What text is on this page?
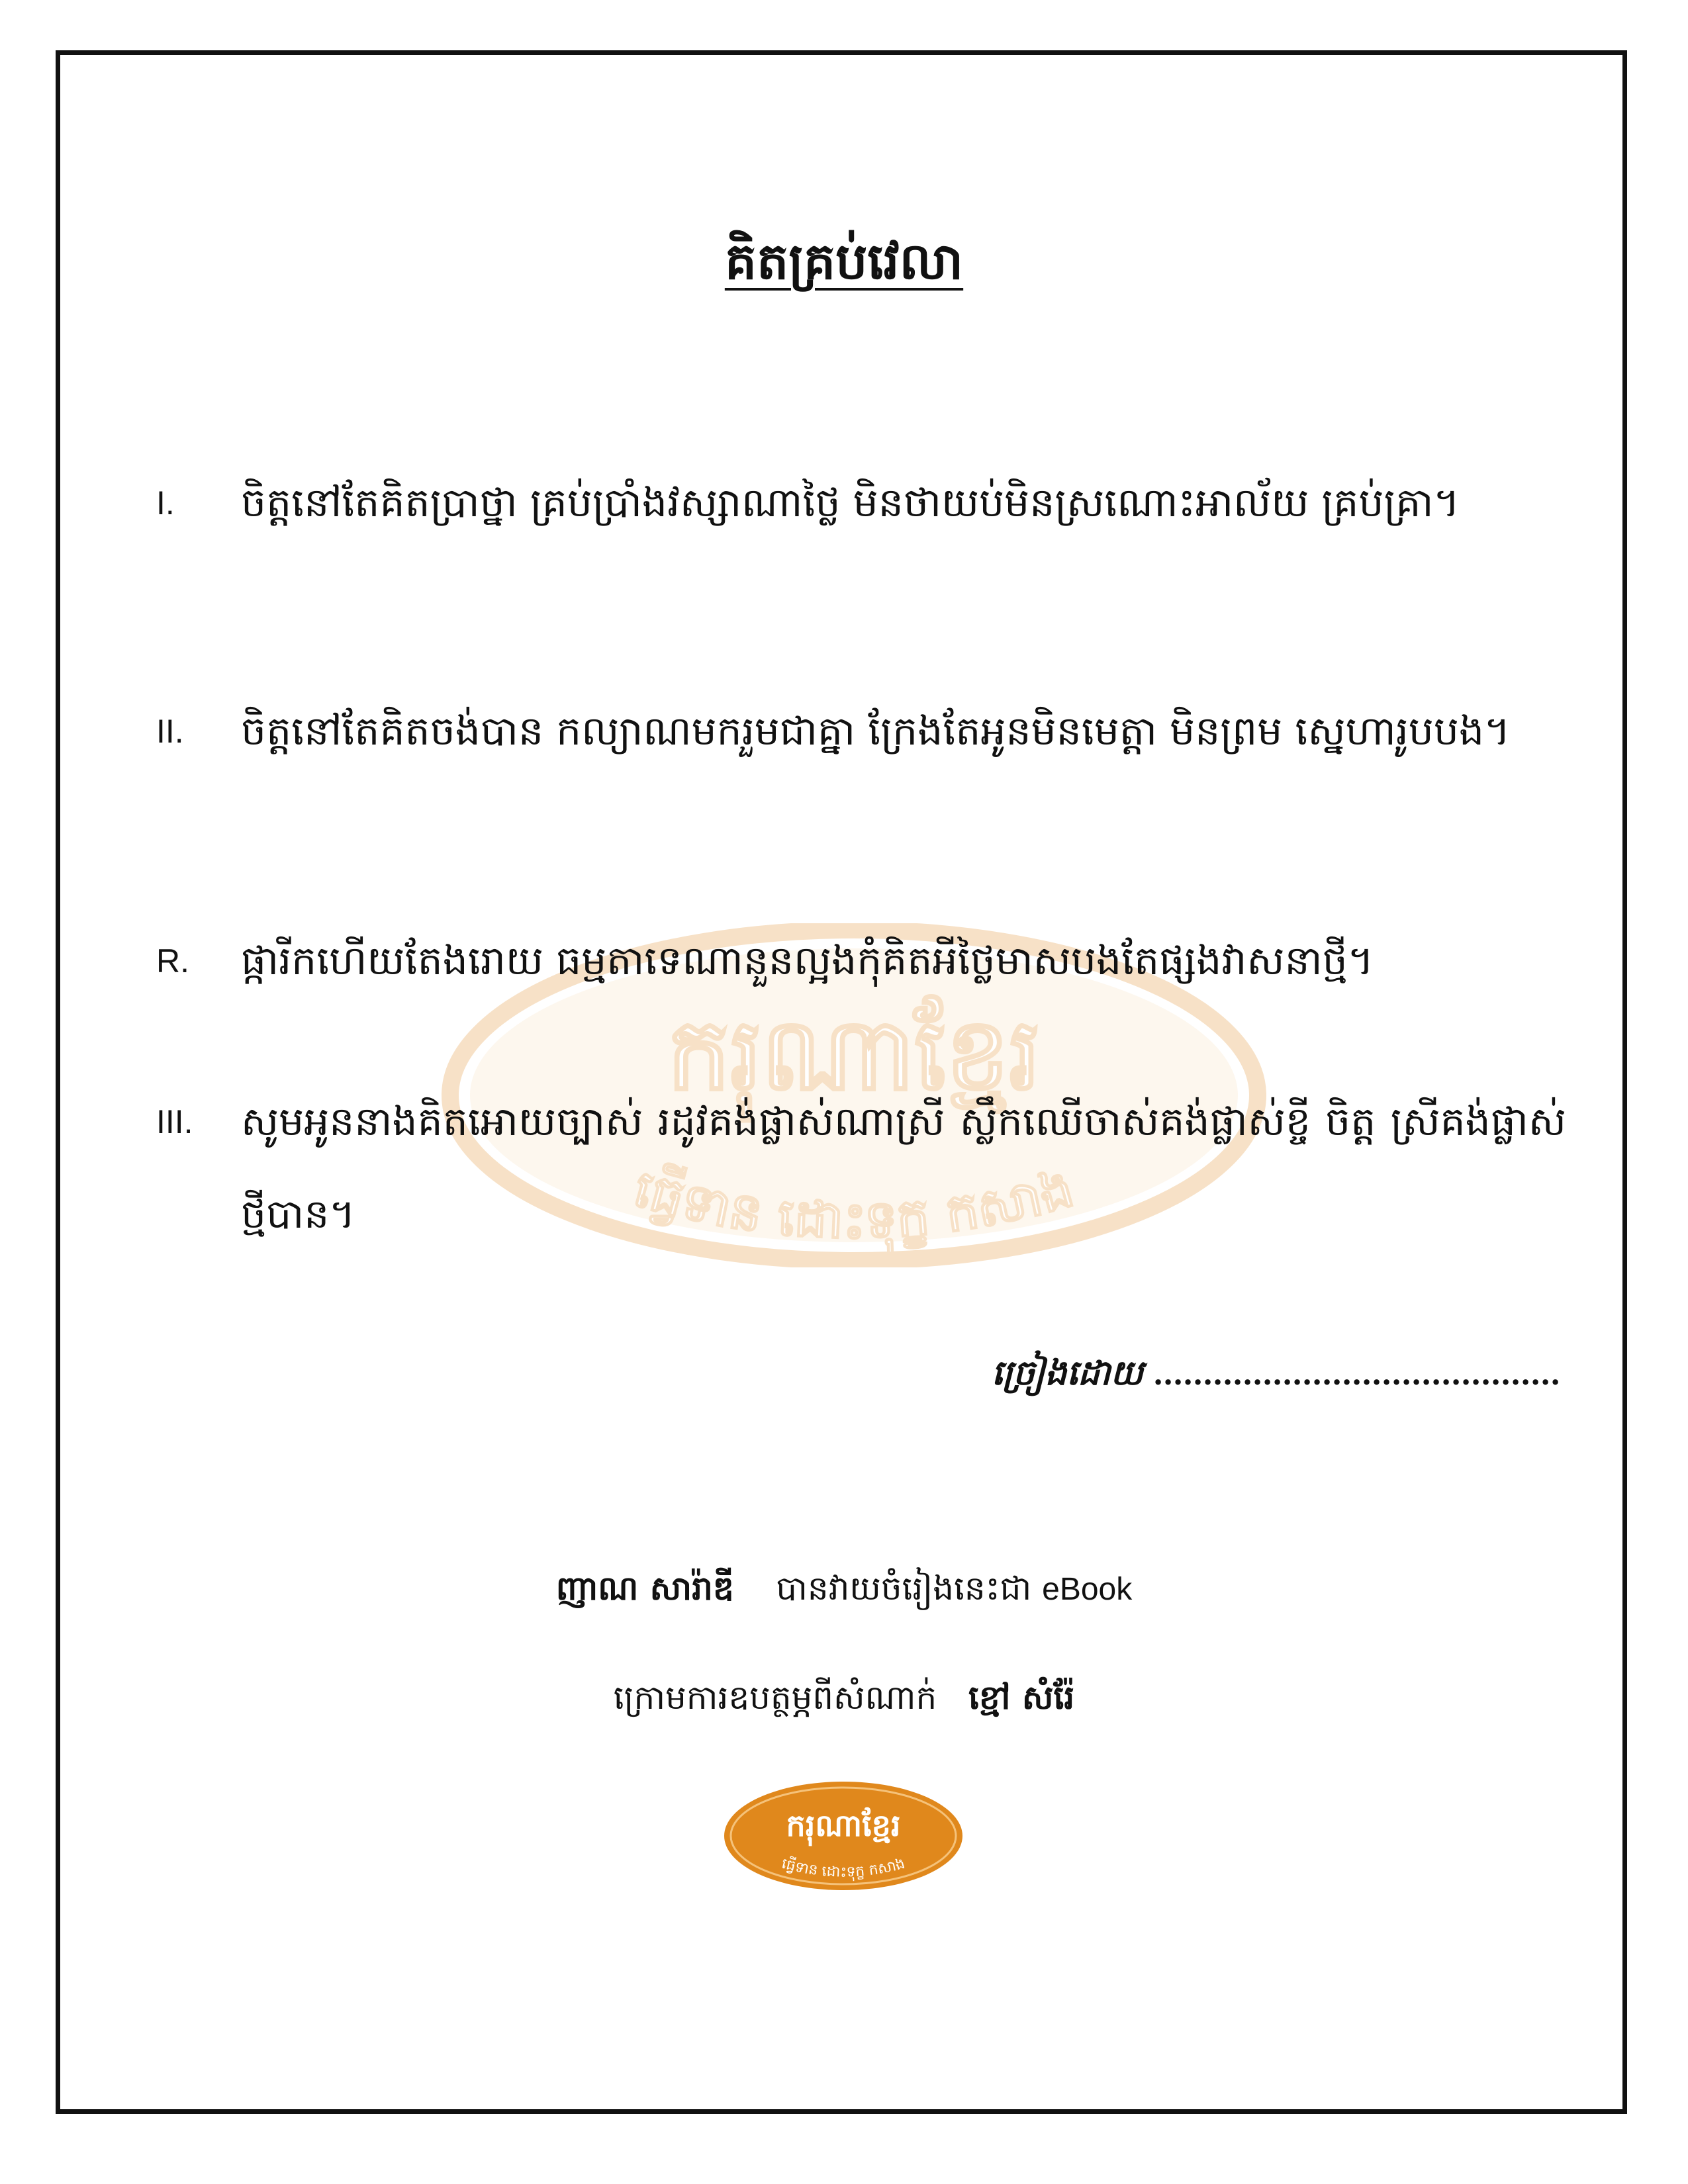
គិតគ្រប់វេលា
ករុណាខ្មែរ
ធ្វើទាន ដោះទុក្ខ កសាង
I. ចិត្តនៅតែគិតប្រាថ្នា គ្រប់ប្រាំងវស្សាណាថ្លៃ មិនថាយប់មិនស្រណោះអាល័យ គ្រប់គ្រា។
II. ចិត្តនៅតែគិតចង់បាន កល្យាណមករួមជាគ្នា ក្រែងតែអូនមិនមេត្តា មិនព្រម ស្នេហារូបបង។
R. ផ្ការីកហើយតែងរោយ ធម្មតាទេណានួនល្អងកុំគិតអីថ្លៃមាសបងតែផ្សងវាសនាថ្មី។
III. សូមអូននាងគិតអោយច្បាស់ រដូវគង់ផ្លាស់ណាស្រី ស្លឹកឈើចាស់គង់ផ្លាស់ខ្ចី ចិត្ត ស្រីគង់ផ្លាស់ថ្មីបាន។
ច្រៀងដោយ .........................................
ញាណ សារ៉ាឌី បានវាយចំរៀងនេះជា eBook
ក្រោមការឧបត្ថម្ភពីសំណាក់ ខ្មៅ សំរ៉ែ
ករុណាខ្មែរ
ធ្វើទាន ដោះទុក្ខ កសាង
